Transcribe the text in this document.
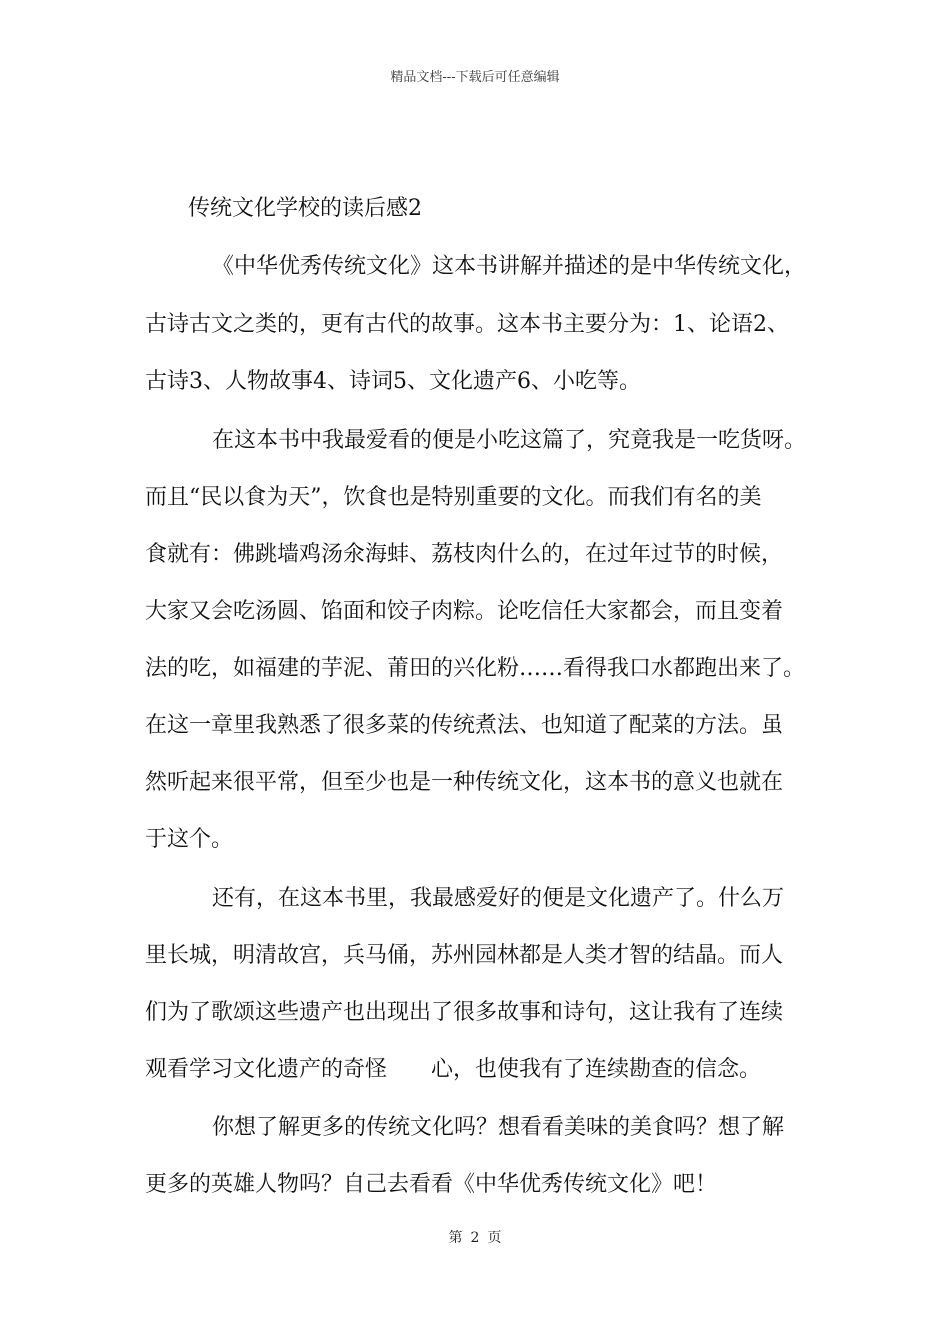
精品文档---下载后可任意编辑
传统文化学校的读后感2
《中华优秀传统文化》这本书讲解并描述的是中华传统文化，
古诗古文之类的，更有古代的故事。这本书主要分为：1、论语2、
古诗3、人物故事4、诗词5、文化遗产6、小吃等。
在这本书中我最爱看的便是小吃这篇了，究竟我是一吃货呀。
而且“民以食为天”，饮食也是特别重要的文化。而我们有名的美
食就有：佛跳墙鸡汤氽海蚌、荔枝肉什么的，在过年过节的时候，
大家又会吃汤圆、馅面和饺子肉粽。论吃信任大家都会，而且变着
法的吃，如福建的芋泥、莆田的兴化粉……看得我口水都跑出来了。
在这一章里我熟悉了很多菜的传统煮法、也知道了配菜的方法。虽
然听起来很平常，但至少也是一种传统文化，这本书的意义也就在
于这个。
还有，在这本书里，我最感爱好的便是文化遗产了。什么万
里长城，明清故宫，兵马俑，苏州园林都是人类才智的结晶。而人
们为了歌颂这些遗产也出现出了很多故事和诗句，这让我有了连续
观看学习文化遗产的奇怪　　心，也使我有了连续勘查的信念。
你想了解更多的传统文化吗？想看看美味的美食吗？想了解
更多的英雄人物吗？自己去看看《中华优秀传统文化》吧！
第 2 页
